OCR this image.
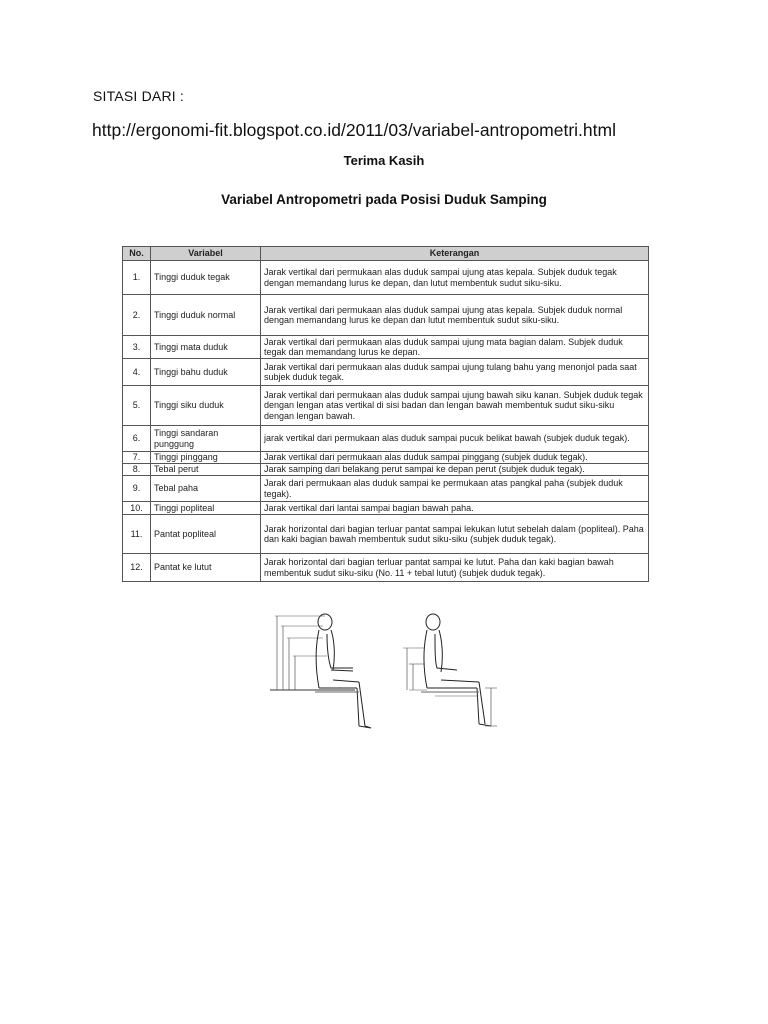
SITASI DARI :
http://ergonomi-fit.blogspot.co.id/2011/03/variabel-antropometri.html
Terima Kasih
Variabel Antropometri pada Posisi Duduk Samping
No.	Variabel	Keterangan
1.	Tinggi duduk tegak	Jarak vertikal dari permukaan alas duduk sampai ujung atas kepala. Subjek duduk tegak dengan memandang lurus ke depan, dan lutut membentuk sudut siku-siku.
2.	Tinggi duduk normal	Jarak vertikal dari permukaan alas duduk sampai ujung atas kepala. Subjek duduk normal dengan memandang lurus ke depan dan lutut membentuk sudut siku-siku.
3.	Tinggi mata duduk	Jarak vertikal dari permukaan alas duduk sampai ujung mata bagian dalam. Subjek duduk tegak dan memandang lurus ke depan.
4.	Tinggi bahu duduk	Jarak vertikal dari permukaan alas duduk sampai ujung tulang bahu yang menonjol pada saat subjek duduk tegak.
5.	Tinggi siku duduk	Jarak vertikal dari permukaan alas duduk sampai ujung bawah siku kanan. Subjek duduk tegak dengan lengan atas vertikal di sisi badan dan lengan bawah membentuk sudut siku-siku dengan lengan bawah.
6.	Tinggi sandaran punggung	jarak vertikal dari permukaan alas duduk sampai pucuk belikat bawah (subjek duduk tegak).
7.	Tinggi pinggang	Jarak vertikal dari permukaan alas duduk sampai pinggang (subjek duduk tegak).
8.	Tebal perut	Jarak samping dari belakang perut sampai ke depan perut (subjek duduk tegak).
9.	Tebal paha	Jarak dari permukaan alas duduk sampai ke permukaan atas pangkal paha (subjek duduk tegak).
10.	Tinggi popliteal	Jarak vertikal dari lantai sampai bagian bawah paha.
11.	Pantat popliteal	Jarak horizontal dari bagian terluar pantat sampai lekukan lutut sebelah dalam (popliteal). Paha dan kaki bagian bawah membentuk sudut siku-siku (subjek duduk tegak).
12.	Pantat ke lutut	Jarak horizontal dari bagian terluar pantat sampai ke lutut. Paha dan kaki bagian bawah membentuk sudut siku-siku (No. 11 + tebal lutut) (subjek duduk tegak).
